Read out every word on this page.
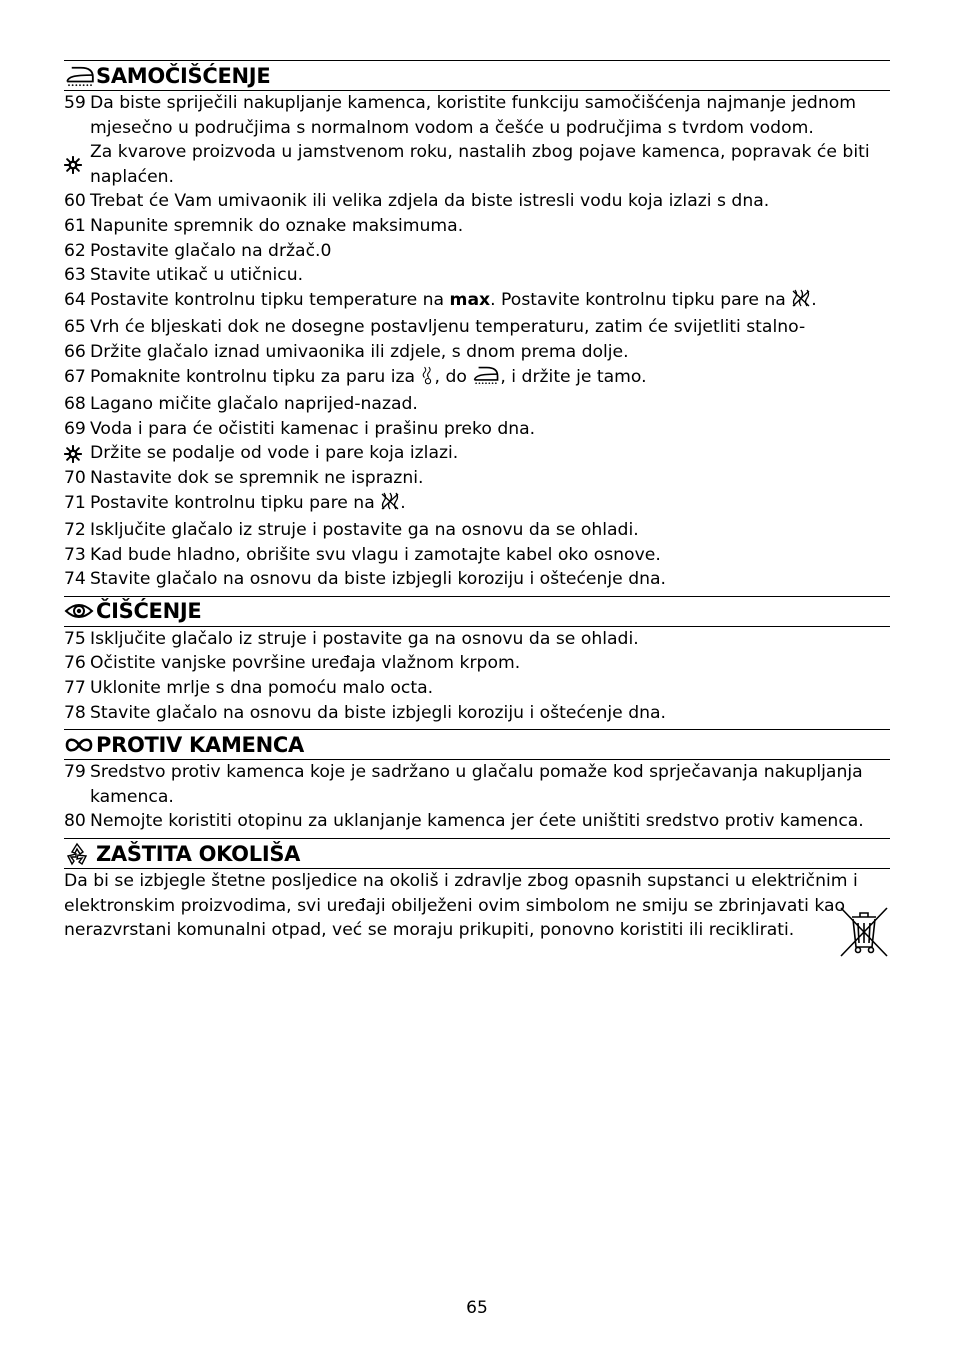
SAMOČIŠĆENJE
59 Da biste spriječili nakupljanje kamenca, koristite funkciju samočišćenja najmanje jednom mjesečno u područjima s normalnom vodom a češće u područjima s tvrdom vodom.
Za kvarove proizvoda u jamstvenom roku, nastalih zbog pojave kamenca, popravak će biti naplaćen.
60 Trebat će Vam umivaonik ili velika zdjela da biste istresli vodu koja izlazi s dna.
61 Napunite spremnik do oznake maksimuma.
62 Postavite glačalo na držač.0
63 Stavite utikač u utičnicu.
64 Postavite kontrolnu tipku temperature na max. Postavite kontrolnu tipku pare na .
65 Vrh će bljeskati dok ne dosegne postavljenu temperaturu, zatim će svijetliti stalno-
66 Držite glačalo iznad umivaonika ili zdjele, s dnom prema dolje.
67 Pomaknite kontrolnu tipku za paru iza , do , i držite je tamo.
68 Lagano mičite glačalo naprijed-nazad.
69 Voda i para će očistiti kamenac i prašinu preko dna.
Držite se podalje od vode i pare koja izlazi.
70 Nastavite dok se spremnik ne isprazni.
71 Postavite kontrolnu tipku pare na .
72 Isključite glačalo iz struje i postavite ga na osnovu da se ohladi.
73 Kad bude hladno, obrišite svu vlagu i zamotajte kabel oko osnove.
74 Stavite glačalo na osnovu da biste izbjegli koroziju i oštećenje dna.
ČIŠĆENJE
75 Isključite glačalo iz struje i postavite ga na osnovu da se ohladi.
76 Očistite vanjske površine uređaja vlažnom krpom.
77 Uklonite mrlje s dna pomoću malo octa.
78 Stavite glačalo na osnovu da biste izbjegli koroziju i oštećenje dna.
PROTIV KAMENCA
79 Sredstvo protiv kamenca koje je sadržano u glačalu pomaže kod sprječavanja nakupljanja kamenca.
80 Nemojte koristiti otopinu za uklanjanje kamenca jer ćete uništiti sredstvo protiv kamenca.
ZAŠTITA OKOLIŠA
Da bi se izbjegle štetne posljedice na okoliš i zdravlje zbog opasnih supstanci u električnim i elektronskim proizvodima, svi uređaji obilježeni ovim simbolom ne smiju se zbrinjavati kao nerazvrstani komunalni otpad, već se moraju prikupiti, ponovno koristiti ili reciklirati.
65
